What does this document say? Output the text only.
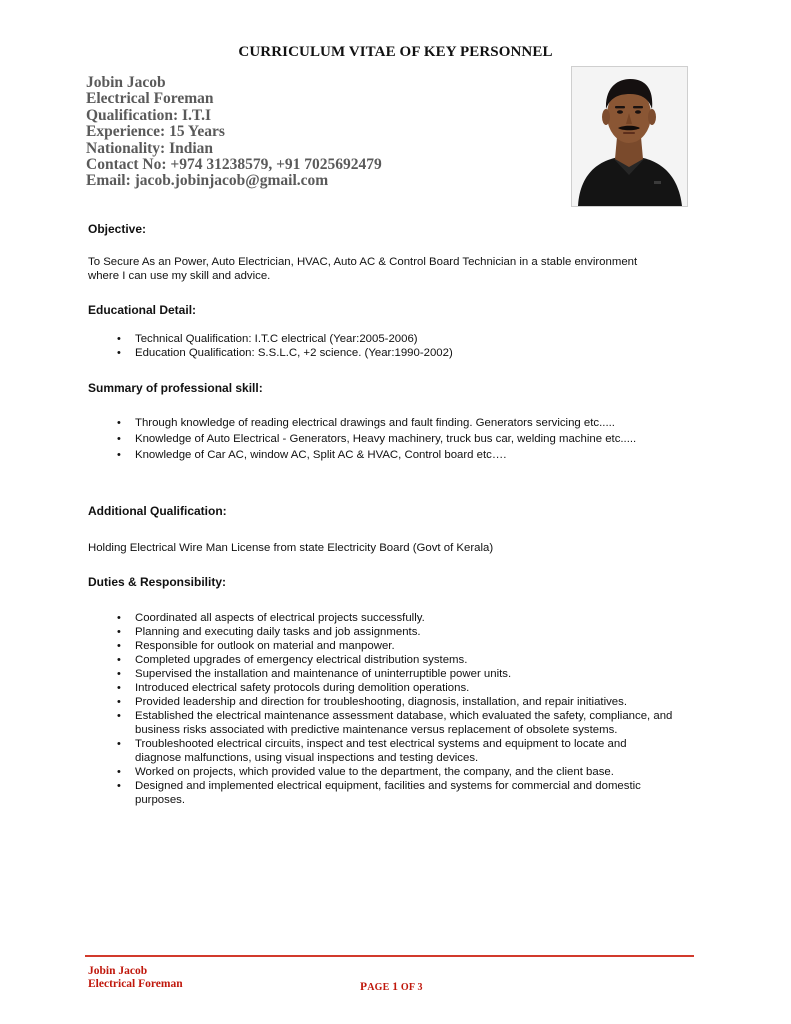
CURRICULUM VITAE OF KEY PERSONNEL
Jobin Jacob
Electrical Foreman
Qualification: I.T.I
Experience: 15 Years
Nationality: Indian
Contact No: +974 31238579, +91 7025692479
Email: jacob.jobinjacob@gmail.com
Objective:
To Secure As an Power, Auto Electrician, HVAC, Auto AC & Control Board Technician in a stable environment where I can use my skill and advice.
Educational Detail:
• Technical Qualification: I.T.C electrical (Year:2005-2006)
• Education Qualification: S.S.L.C, +2 science. (Year:1990-2002)
Summary of professional skill:
• Through knowledge of reading electrical drawings and fault finding. Generators servicing etc.....
• Knowledge of Auto Electrical - Generators, Heavy machinery, truck bus car, welding machine etc.....
• Knowledge of Car AC, window AC, Split AC & HVAC, Control board etc….
Additional Qualification:
Holding Electrical Wire Man License from state Electricity Board (Govt of Kerala)
Duties & Responsibility:
• Coordinated all aspects of electrical projects successfully.
• Planning and executing daily tasks and job assignments.
• Responsible for outlook on material and manpower.
• Completed upgrades of emergency electrical distribution systems.
• Supervised the installation and maintenance of uninterruptible power units.
• Introduced electrical safety protocols during demolition operations.
• Provided leadership and direction for troubleshooting, diagnosis, installation, and repair initiatives.
• Established the electrical maintenance assessment database, which evaluated the safety, compliance, and business risks associated with predictive maintenance versus replacement of obsolete systems.
• Troubleshooted electrical circuits, inspect and test electrical systems and equipment to locate and diagnose malfunctions, using visual inspections and testing devices.
• Worked on projects, which provided value to the department, the company, and the client base.
• Designed and implemented electrical equipment, facilities and systems for commercial and domestic purposes.
Jobin Jacob
Electrical Foreman	PAGE 1 OF 3
